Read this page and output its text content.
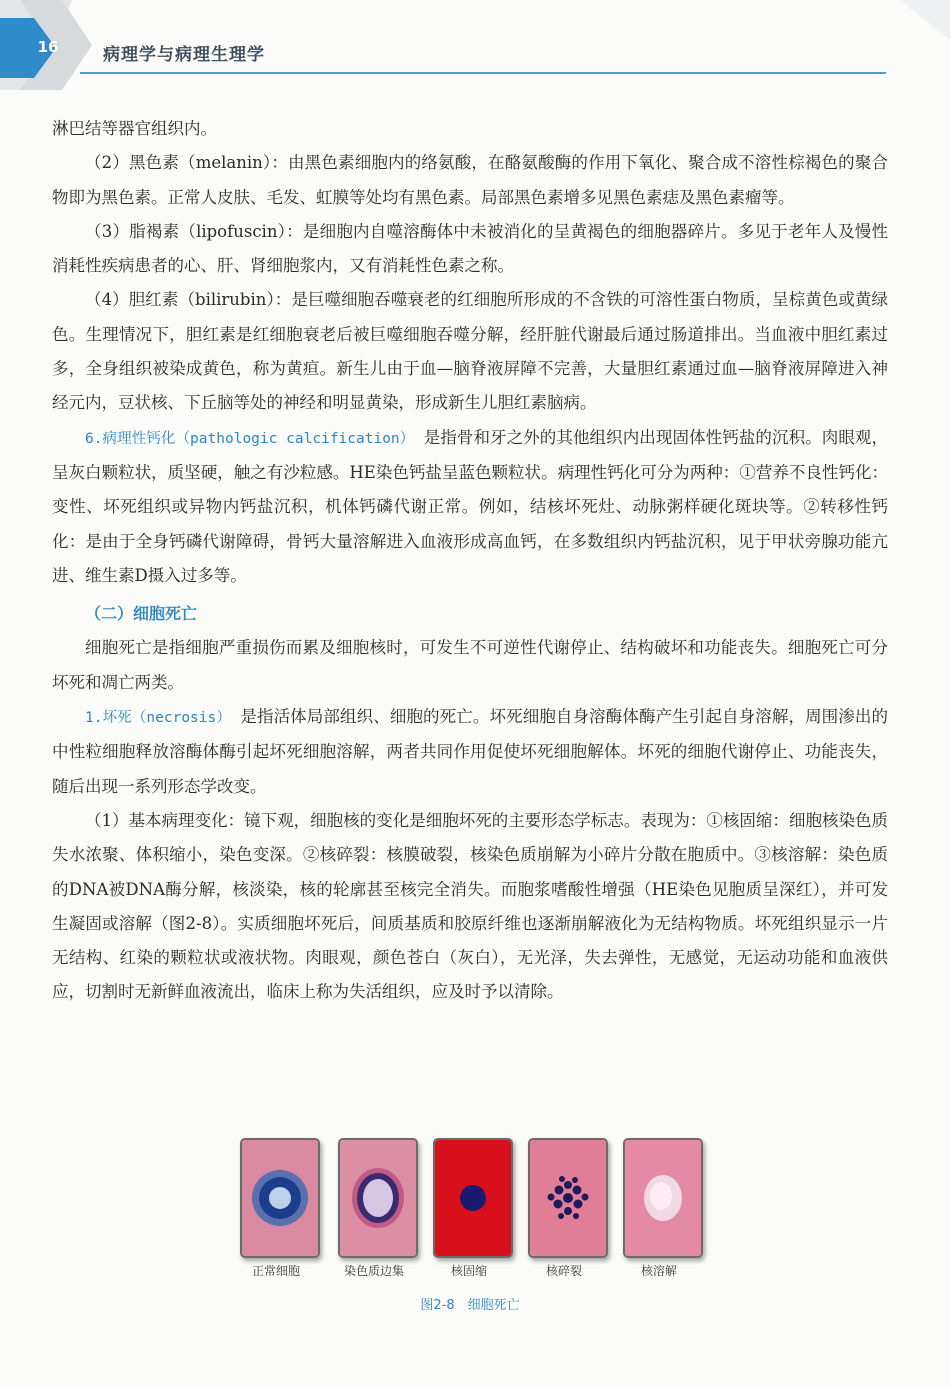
16	病理学与病理生理学

淋巴结等器官组织内。

（2）黑色素（melanin）：由黑色素细胞内的络氨酸，在酪氨酸酶的作用下氧化、聚合成不溶性棕褐色的聚合物即为黑色素。正常人皮肤、毛发、虹膜等处均有黑色素。局部黑色素增多见黑色素痣及黑色素瘤等。

（3）脂褐素（lipofuscin）：是细胞内自噬溶酶体中未被消化的呈黄褐色的细胞器碎片。多见于老年人及慢性消耗性疾病患者的心、肝、肾细胞浆内，又有消耗性色素之称。

（4）胆红素（bilirubin）：是巨噬细胞吞噬衰老的红细胞所形成的不含铁的可溶性蛋白物质，呈棕黄色或黄绿色。生理情况下，胆红素是红细胞衰老后被巨噬细胞吞噬分解，经肝脏代谢最后通过肠道排出。当血液中胆红素过多，全身组织被染成黄色，称为黄疸。新生儿由于血—脑脊液屏障不完善，大量胆红素通过血—脑脊液屏障进入神经元内，豆状核、下丘脑等处的神经和明显黄染，形成新生儿胆红素脑病。

6.病理性钙化（pathologic calcification）　 是指骨和牙之外的其他组织内出现固体性钙盐的沉积。肉眼观，呈灰白颗粒状，质坚硬，触之有沙粒感。HE染色钙盐呈蓝色颗粒状。病理性钙化可分为两种：①营养不良性钙化：变性、坏死组织或异物内钙盐沉积，机体钙磷代谢正常。例如，结核坏死灶、动脉粥样硬化斑块等。②转移性钙化：是由于全身钙磷代谢障碍，骨钙大量溶解进入血液形成高血钙，在多数组织内钙盐沉积，见于甲状旁腺功能亢进、维生素D摄入过多等。

（二）细胞死亡

细胞死亡是指细胞严重损伤而累及细胞核时，可发生不可逆性代谢停止、结构破坏和功能丧失。细胞死亡可分坏死和凋亡两类。

1.坏死（necrosis）　 是指活体局部组织、细胞的死亡。坏死细胞自身溶酶体酶产生引起自身溶解，周围渗出的中性粒细胞释放溶酶体酶引起坏死细胞溶解，两者共同作用促使坏死细胞解体。坏死的细胞代谢停止、功能丧失，随后出现一系列形态学改变。

（1）基本病理变化：镜下观，细胞核的变化是细胞坏死的主要形态学标志。表现为：①核固缩：细胞核染色质失水浓聚、体积缩小，染色变深。②核碎裂：核膜破裂，核染色质崩解为小碎片分散在胞质中。③核溶解：染色质的DNA被DNA酶分解，核淡染，核的轮廓甚至核完全消失。而胞浆嗜酸性增强（HE染色见胞质呈深红），并可发生凝固或溶解（图2-8）。实质细胞坏死后，间质基质和胶原纤维也逐渐崩解液化为无结构物质。坏死组织显示一片无结构、红染的颗粒状或液状物。肉眼观，颜色苍白（灰白），无光泽，失去弹性，无感觉，无运动功能和血液供应，切割时无新鲜血液流出，临床上称为失活组织，应及时予以清除。

正常细胞	染色质边集	核固缩	核碎裂	核溶解
图2-8　细胞死亡
